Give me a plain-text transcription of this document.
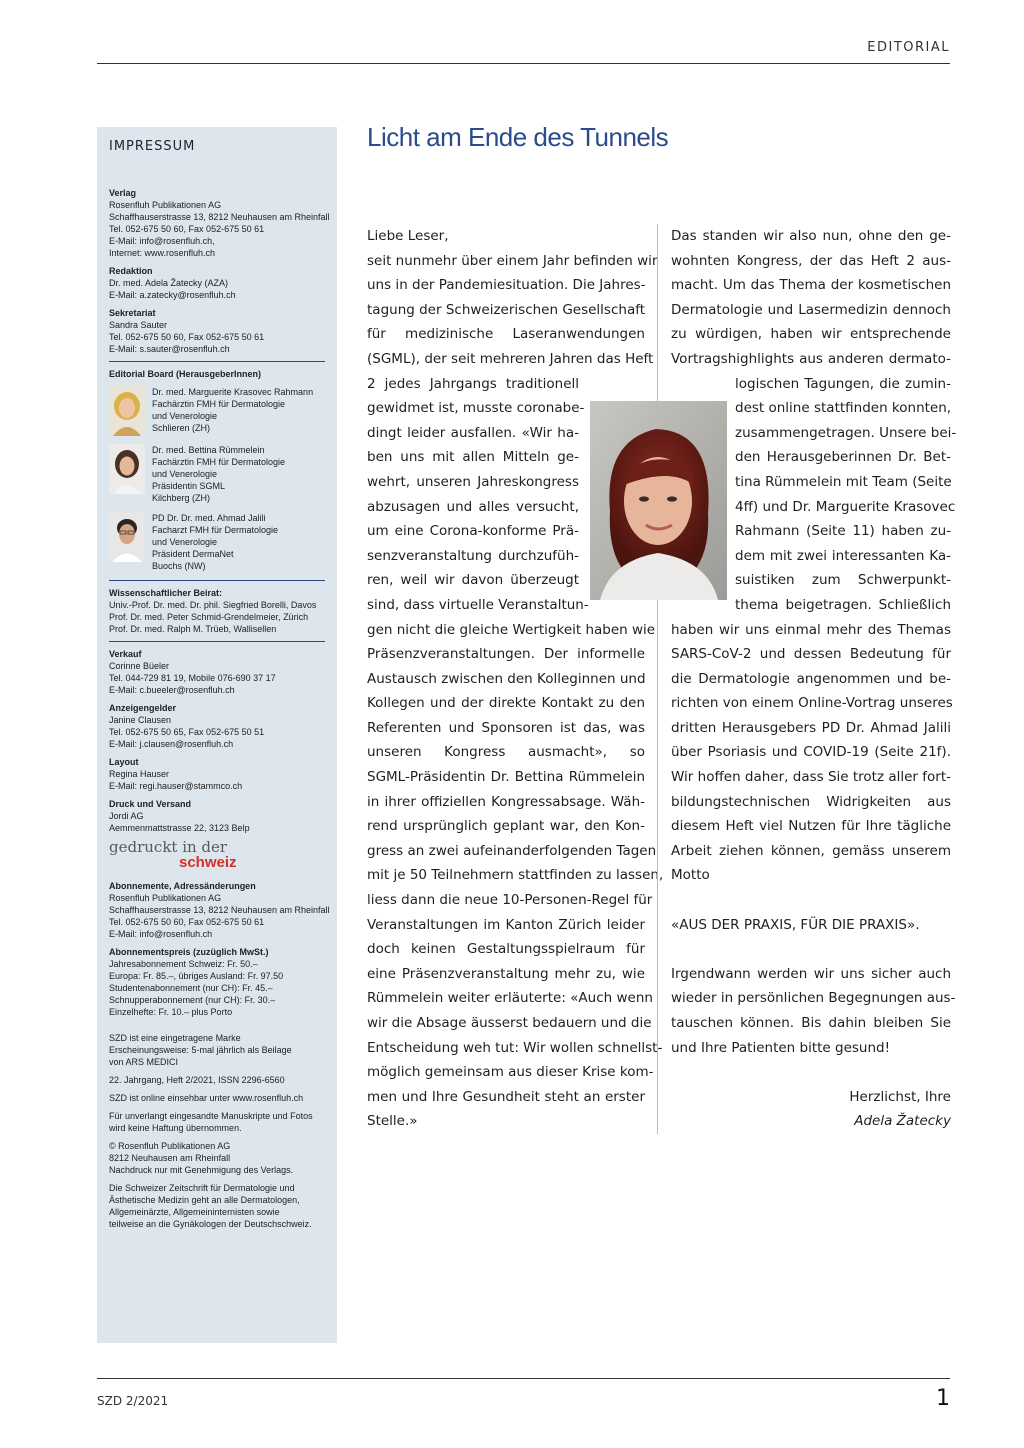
EDITORIAL
IMPRESSUM
Verlag
Rosenfluh Publikationen AG
Schaffhauserstrasse 13, 8212 Neuhausen am Rheinfall
Tel. 052-675 50 60, Fax 052-675 50 61
E-Mail: info@rosenfluh.ch,
Internet: www.rosenfluh.ch
Redaktion
Dr. med. Adela Žatecky (AZA)
E-Mail: a.zatecky@rosenfluh.ch
Sekretariat
Sandra Sauter
Tel. 052-675 50 60, Fax 052-675 50 61
E-Mail: s.sauter@rosenfluh.ch
Editorial Board (HerausgeberInnen)
Dr. med. Marguerite Krasovec Rahmann
Fachärztin FMH für Dermatologie
und Venerologie
Schlieren (ZH)
Dr. med. Bettina Rümmelein
Fachärztin FMH für Dermatologie
und Venerologie
Präsidentin SGML
Kilchberg (ZH)
PD Dr. Dr. med. Ahmad Jalili
Facharzt FMH für Dermatologie
und Venerologie
Präsident DermaNet
Buochs (NW)
Wissenschaftlicher Beirat:
Univ.-Prof. Dr. med. Dr. phil. Siegfried Borelli, Davos
Prof. Dr. med. Peter Schmid-Grendelmeier, Zürich
Prof. Dr. med. Ralph M. Trüeb, Wallisellen
Verkauf
Corinne Büeler
Tel. 044-729 81 19, Mobile 076-690 37 17
E-Mail: c.bueeler@rosenfluh.ch
Anzeigengelder
Janine Clausen
Tel. 052-675 50 65, Fax 052-675 50 51
E-Mail: j.clausen@rosenfluh.ch
Layout
Regina Hauser
E-Mail: regi.hauser@stammco.ch
Druck und Versand
Jordi AG
Aemmenmattstrasse 22, 3123 Belp
gedruckt in der
schweiz
Abonnemente, Adressänderungen
Rosenfluh Publikationen AG
Schaffhauserstrasse 13, 8212 Neuhausen am Rheinfall
Tel. 052-675 50 60, Fax 052-675 50 61
E-Mail: info@rosenfluh.ch
Abonnementspreis (zuzüglich MwSt.)
Jahresabonnement Schweiz: Fr. 50.–
Europa: Fr. 85.–, übriges Ausland: Fr. 97.50
Studentenabonnement (nur CH): Fr. 45.–
Schnupperabonnement (nur CH): Fr. 30.–
Einzelhefte: Fr. 10.– plus Porto
SZD ist eine eingetragene Marke
Erscheinungsweise: 5-mal jährlich als Beilage
von ARS MEDICI
22. Jahrgang, Heft 2/2021, ISSN 2296-6560
SZD ist online einsehbar unter www.rosenfluh.ch
Für unverlangt eingesandte Manuskripte und Fotos
wird keine Haftung übernommen.
© Rosenfluh Publikationen AG
8212 Neuhausen am Rheinfall
Nachdruck nur mit Genehmigung des Verlags.
Die Schweizer Zeitschrift für Dermatologie und
Ästhetische Medizin geht an alle Dermatologen,
Allgemeinärzte, Allgemeininternisten sowie
teilweise an die Gynäkologen der Deutschschweiz.
Licht am Ende des Tunnels
Liebe Leser,
seit nunmehr über einem Jahr befinden wir
uns in der Pandemiesituation. Die Jahres-
tagung der Schweizerischen Gesellschaft
für medizinische Laseranwendungen
(SGML), der seit mehreren Jahren das Heft
2 jedes Jahrgangs traditionell
gewidmet ist, musste coronabe-
dingt leider ausfallen. «Wir ha-
ben uns mit allen Mitteln ge-
wehrt, unseren Jahreskongress
abzusagen und alles versucht,
um eine Corona-konforme Prä-
senzveranstaltung durchzufüh-
ren, weil wir davon überzeugt
sind, dass virtuelle Veranstaltun-
gen nicht die gleiche Wertigkeit haben wie
Präsenzveranstaltungen. Der informelle
Austausch zwischen den Kolleginnen und
Kollegen und der direkte Kontakt zu den
Referenten und Sponsoren ist das, was
unseren Kongress ausmacht», so
SGML-Präsidentin Dr. Bettina Rümmelein
in ihrer offiziellen Kongressabsage. Wäh-
rend ursprünglich geplant war, den Kon-
gress an zwei aufeinanderfolgenden Tagen
mit je 50 Teilnehmern stattfinden zu lassen,
liess dann die neue 10-Personen-Regel für
Veranstaltungen im Kanton Zürich leider
doch keinen Gestaltungsspielraum für
eine Präsenzveranstaltung mehr zu, wie
Rümmelein weiter erläuterte: «Auch wenn
wir die Absage äusserst bedauern und die
Entscheidung weh tut: Wir wollen schnellst-
möglich gemeinsam aus dieser Krise kom-
men und Ihre Gesundheit steht an erster
Stelle.»
Das standen wir also nun, ohne den ge-
wohnten Kongress, der das Heft 2 aus-
macht. Um das Thema der kosmetischen
Dermatologie und Lasermedizin dennoch
zu würdigen, haben wir entsprechende
Vortragshighlights aus anderen dermato-
logischen Tagungen, die zumin-
dest online stattfinden konnten,
zusammengetragen. Unsere bei-
den Herausgeberinnen Dr. Bet-
tina Rümmelein mit Team (Seite
4ff) und Dr. Marguerite Krasovec
Rahmann (Seite 11) haben zu-
dem mit zwei interessanten Ka-
suistiken zum Schwerpunkt-
thema beigetragen. Schließlich
haben wir uns einmal mehr des Themas
SARS-CoV-2 und dessen Bedeutung für
die Dermatologie angenommen und be-
richten von einem Online-Vortrag unseres
dritten Herausgebers PD Dr. Ahmad Jalili
über Psoriasis und COVID-19 (Seite 21f).
Wir hoffen daher, dass Sie trotz aller fort-
bildungstechnischen Widrigkeiten aus
diesem Heft viel Nutzen für Ihre tägliche
Arbeit ziehen können, gemäss unserem
Motto
«AUS DER PRAXIS, FÜR DIE PRAXIS».
Irgendwann werden wir uns sicher auch
wieder in persönlichen Begegnungen aus-
tauschen können. Bis dahin bleiben Sie
und Ihre Patienten bitte gesund!
Herzlichst, Ihre
Adela Žatecky
SZD 2/2021	1
